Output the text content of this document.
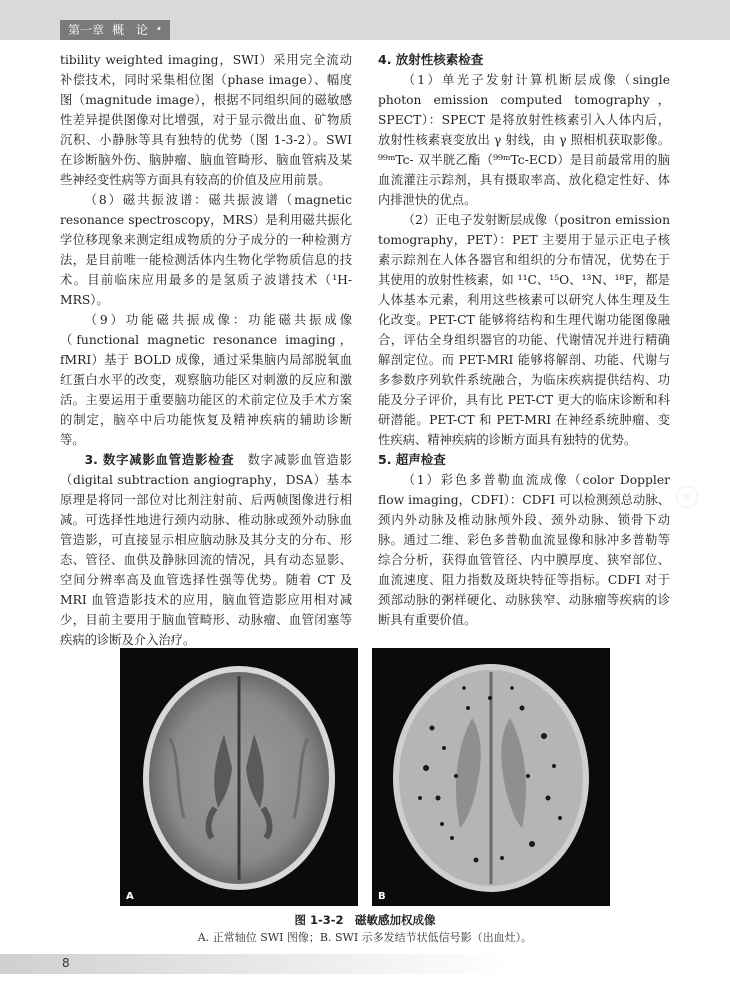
第一章 概　论 •

tibility weighted imaging，SWI）采用完全流动补偿技术，同时采集相位图（phase image）、幅度图（magnitude image），根据不同组织间的磁敏感性差异提供图像对比增强，对于显示微出血、矿物质沉积、小静脉等具有独特的优势（图 1-3-2）。SWI 在诊断脑外伤、脑肿瘤、脑血管畸形、脑血管病及某些神经变性病等方面具有较高的价值及应用前景。

（8）磁共振波谱：磁共振波谱（magnetic resonance spectroscopy，MRS）是利用磁共振化学位移现象来测定组成物质的分子成分的一种检测方法，是目前唯一能检测活体内生物化学物质信息的技术。目前临床应用最多的是氢质子波谱技术（¹H-MRS）。

（9）功能磁共振成像：功能磁共振成像（functional magnetic resonance imaging，fMRI）基于 BOLD 成像，通过采集脑内局部脱氧血红蛋白水平的改变，观察脑功能区对刺激的反应和激活。主要运用于重要脑功能区的术前定位及手术方案的制定，脑卒中后功能恢复及精神疾病的辅助诊断等。

3. 数字减影血管造影检查　 数字减影血管造影（digital subtraction angiography，DSA）基本原理是将同一部位对比剂注射前、后两帧图像进行相减。可选择性地进行颈内动脉、椎动脉或颈外动脉血管造影，可直接显示相应脑动脉及其分支的分布、形态、管径、血供及静脉回流的情况，具有动态显影、空间分辨率高及血管选择性强等优势。随着 CT 及 MRI 血管造影技术的应用，脑血管造影应用相对减少，目前主要用于脑血管畸形、动脉瘤、血管闭塞等疾病的诊断及介入治疗。

4. 放射性核素检查

（1）单光子发射计算机断层成像（single photon emission computed tomography，SPECT）：SPECT 是将放射性核素引入人体内后，放射性核素衰变放出 γ 射线，由 γ 照相机获取影像。⁹⁹ᵐTc- 双半胱乙酯（⁹⁹ᵐTc-ECD）是目前最常用的脑血流灌注示踪剂，具有摄取率高、放化稳定性好、体内排泄快的优点。

（2）正电子发射断层成像（positron emission tomography，PET）：PET 主要用于显示正电子核素示踪剂在人体各器官和组织的分布情况，优势在于其使用的放射性核素，如 ¹¹C、¹⁵O、¹³N、¹⁸F，都是人体基本元素，利用这些核素可以研究人体生理及生化改变。PET-CT 能够将结构和生理代谢功能图像融合，评估全身组织器官的功能、代谢情况并进行精确解剖定位。而 PET-MRI 能够将解剖、功能、代谢与多参数序列软件系统融合，为临床疾病提供结构、功能及分子评价，具有比 PET-CT 更大的临床诊断和科研潜能。PET-CT 和 PET-MRI 在神经系统肿瘤、变性疾病、精神疾病的诊断方面具有独特的优势。

5. 超声检查

（1）彩色多普勒血流成像（color Doppler flow imaging，CDFI）：CDFI 可以检测颈总动脉、颈内外动脉及椎动脉颅外段、颈外动脉、锁骨下动脉。通过二维、彩色多普勒血流显像和脉冲多普勒等综合分析，获得血管管径、内中膜厚度、狭窄部位、血流速度、阻力指数及斑块特征等指标。CDFI 对于颈部动脉的粥样硬化、动脉狭窄、动脉瘤等疾病的诊断具有重要价值。

◎
A	B
图 1-3-2　磁敏感加权成像
A. 正常轴位 SWI 图像；B. SWI 示多发结节状低信号影（出血灶）。
8
